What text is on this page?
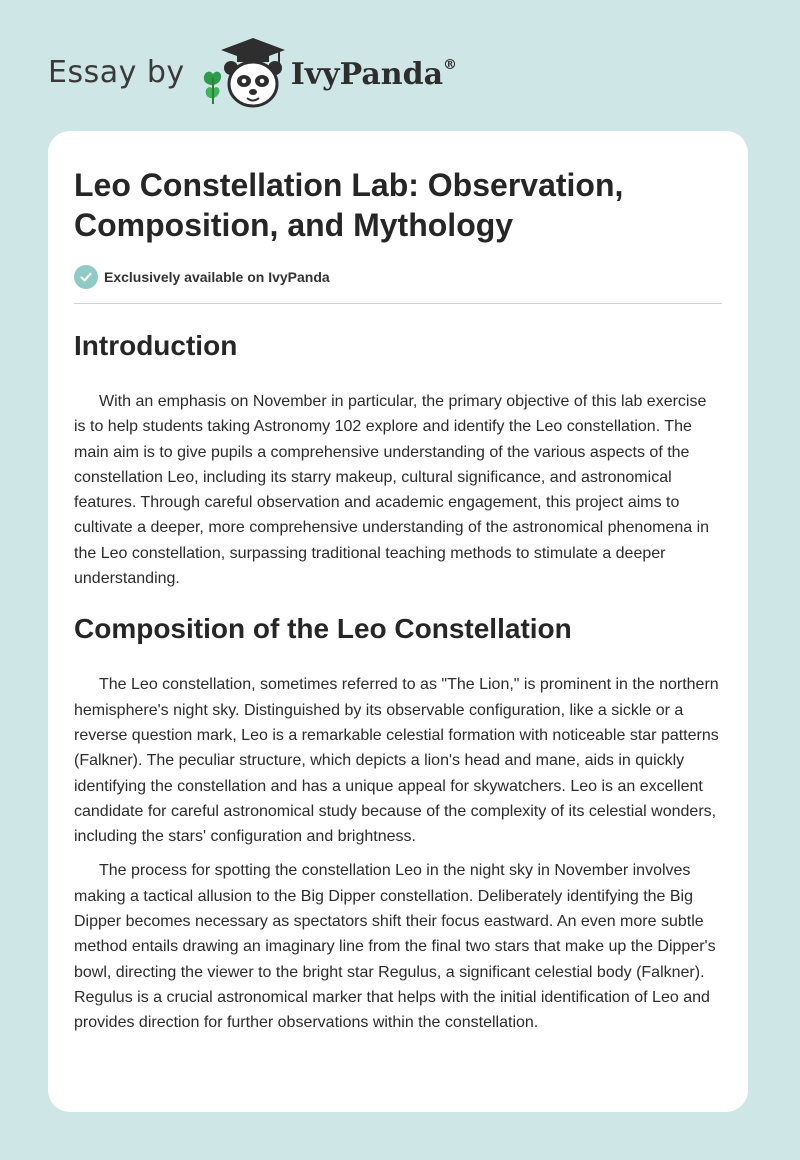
Essay by	IvyPanda®
Leo Constellation Lab: Observation, Composition, and Mythology
Exclusively available on IvyPanda
Introduction

With an emphasis on November in particular, the primary objective of this lab exercise is to help students taking Astronomy 102 explore and identify the Leo constellation. The main aim is to give pupils a comprehensive understanding of the various aspects of the constellation Leo, including its starry makeup, cultural significance, and astronomical features. Through careful observation and academic engagement, this project aims to cultivate a deeper, more comprehensive understanding of the astronomical phenomena in the Leo constellation, surpassing traditional teaching methods to stimulate a deeper understanding.

Composition of the Leo Constellation

The Leo constellation, sometimes referred to as "The Lion," is prominent in the northern hemisphere's night sky. Distinguished by its observable configuration, like a sickle or a reverse question mark, Leo is a remarkable celestial formation with noticeable star patterns (Falkner). The peculiar structure, which depicts a lion's head and mane, aids in quickly identifying the constellation and has a unique appeal for skywatchers. Leo is an excellent candidate for careful astronomical study because of the complexity of its celestial wonders, including the stars' configuration and brightness.

The process for spotting the constellation Leo in the night sky in November involves making a tactical allusion to the Big Dipper constellation. Deliberately identifying the Big Dipper becomes necessary as spectators shift their focus eastward. An even more subtle method entails drawing an imaginary line from the final two stars that make up the Dipper's bowl, directing the viewer to the bright star Regulus, a significant celestial body (Falkner). Regulus is a crucial astronomical marker that helps with the initial identification of Leo and provides direction for further observations within the constellation.
